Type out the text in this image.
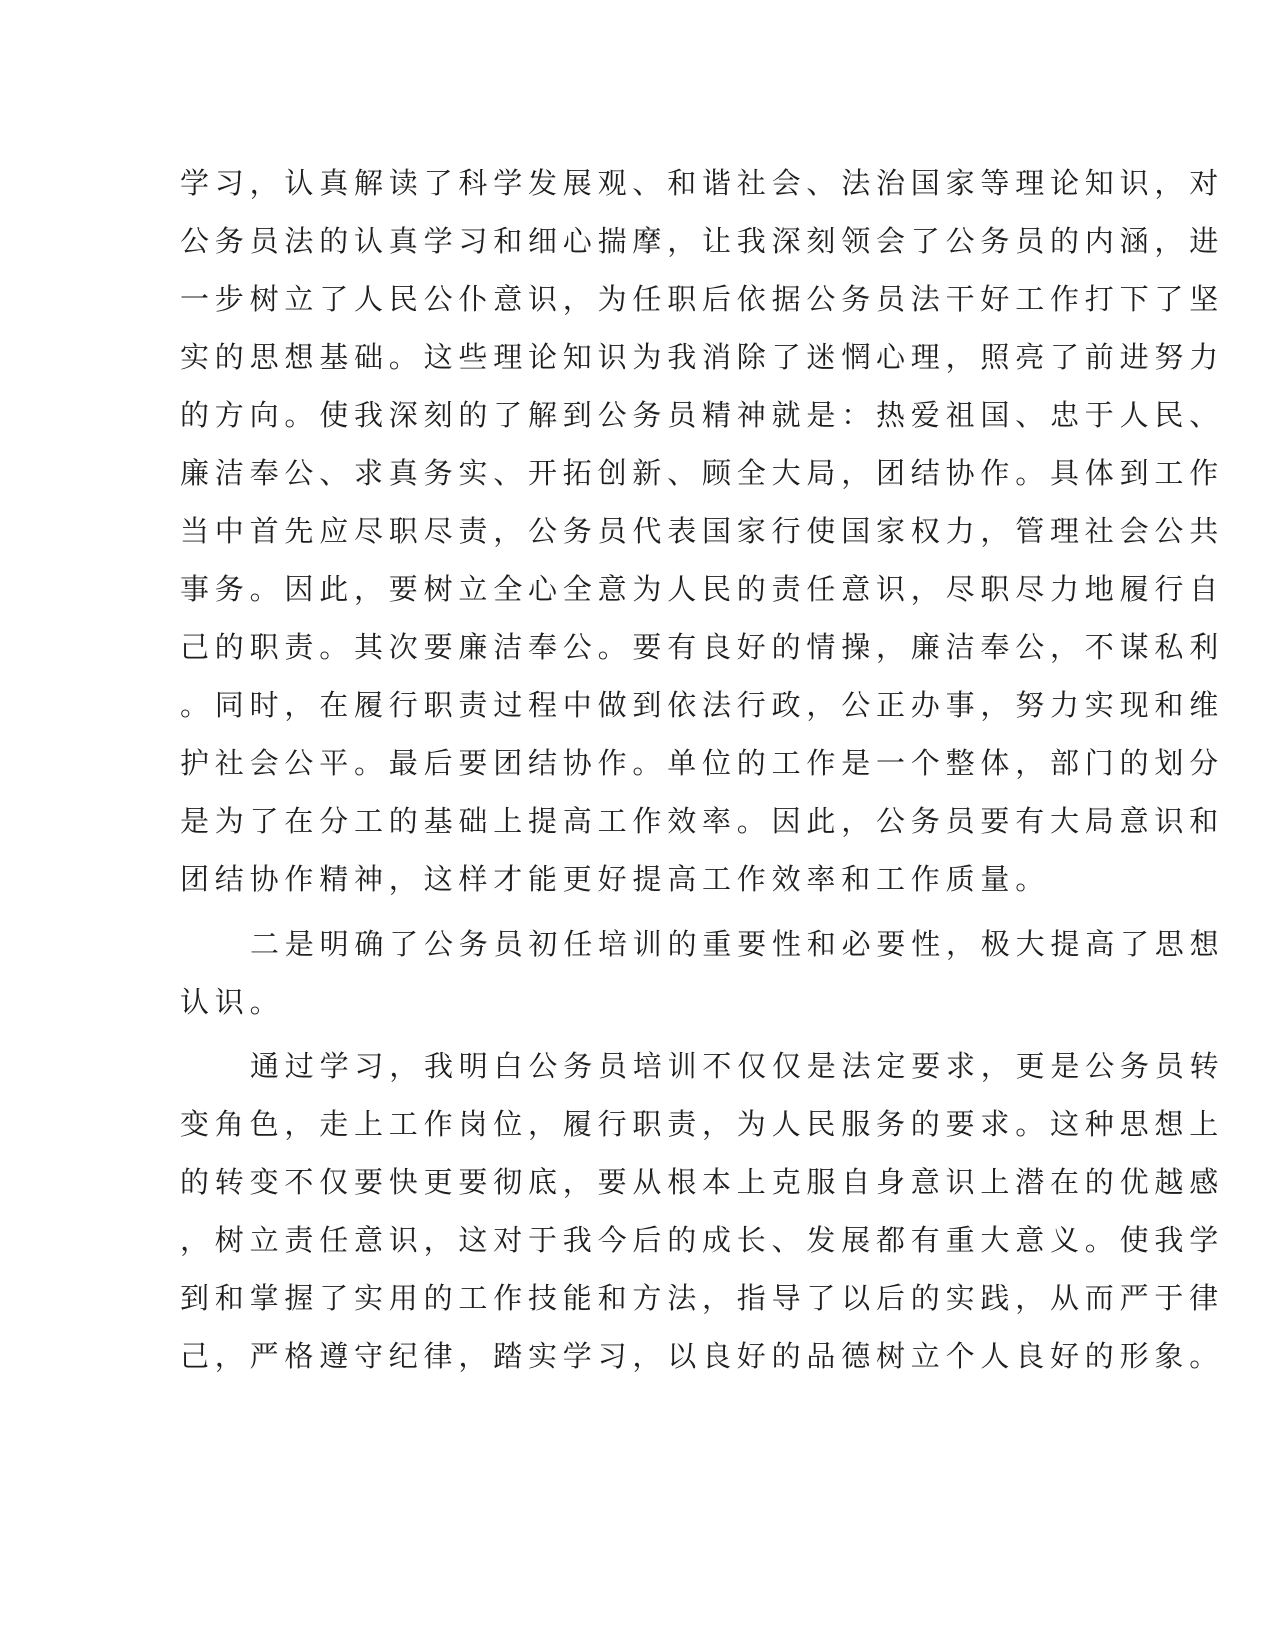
学习，认真解读了科学发展观、和谐社会、法治国家等理论知识，对

公务员法的认真学习和细心揣摩，让我深刻领会了公务员的内涵，进

一步树立了人民公仆意识，为任职后依据公务员法干好工作打下了坚

实的思想基础。这些理论知识为我消除了迷惘心理，照亮了前进努力

的方向。使我深刻的了解到公务员精神就是：热爱祖国、忠于人民、

廉洁奉公、求真务实、开拓创新、顾全大局，团结协作。具体到工作

当中首先应尽职尽责，公务员代表国家行使国家权力，管理社会公共

事务。因此，要树立全心全意为人民的责任意识，尽职尽力地履行自

己的职责。其次要廉洁奉公。要有良好的情操，廉洁奉公，不谋私利

。同时，在履行职责过程中做到依法行政，公正办事，努力实现和维

护社会公平。最后要团结协作。单位的工作是一个整体，部门的划分

是为了在分工的基础上提高工作效率。因此，公务员要有大局意识和

团结协作精神，这样才能更好提高工作效率和工作质量。

二是明确了公务员初任培训的重要性和必要性，极大提高了思想

认识。

通过学习，我明白公务员培训不仅仅是法定要求，更是公务员转

变角色，走上工作岗位，履行职责，为人民服务的要求。这种思想上

的转变不仅要快更要彻底，要从根本上克服自身意识上潜在的优越感

，树立责任意识，这对于我今后的成长、发展都有重大意义。使我学

到和掌握了实用的工作技能和方法，指导了以后的实践，从而严于律

己，严格遵守纪律，踏实学习，以良好的品德树立个人良好的形象。
